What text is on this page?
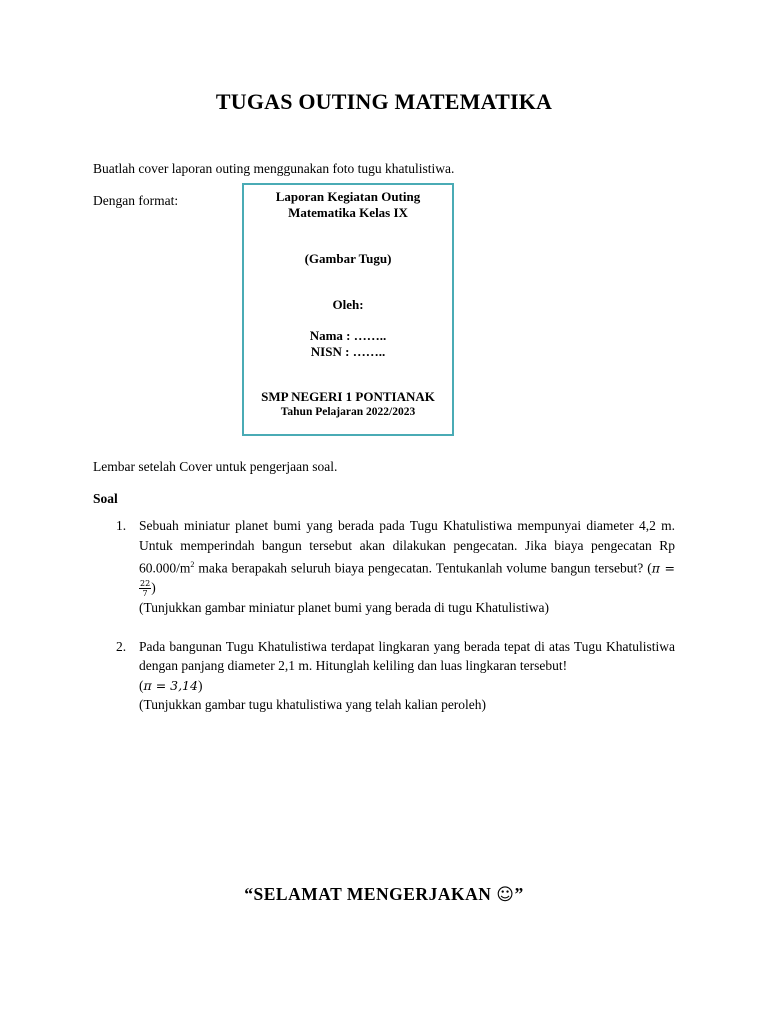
TUGAS OUTING MATEMATIKA
Buatlah cover laporan outing menggunakan foto tugu khatulistiwa.
Dengan format:	Laporan Kegiatan Outing
Matematika Kelas IX
(Gambar Tugu)
Oleh:
Nama : ……..
NISN : ……..
SMP NEGERI 1 PONTIANAK
Tahun Pelajaran 2022/2023
Lembar setelah Cover untuk pengerjaan soal.
Soal
1. Sebuah miniatur planet bumi yang berada pada Tugu Khatulistiwa mempunyai diameter 4,2 m. Untuk memperindah bangun tersebut akan dilakukan pengecatan. Jika biaya pengecatan Rp $60.000/m^2$ maka berapakah seluruh biaya pengecatan. Tentukanlah volume bangun tersebut? (π =
$\frac{22}{7}$ )
(Tunjukkan gambar miniatur planet bumi yang berada di tugu Khatulistiwa)
2. Pada bangunan Tugu Khatulistiwa terdapat lingkaran yang berada tepat di atas Tugu Khatulistiwa dengan panjang diameter 2,1 m. Hitunglah keliling dan luas lingkaran tersebut!
(π = 3,14)
(Tunjukkan gambar tugu khatulistiwa yang telah kalian peroleh)
“SELAMAT MENGERJAKAN ☺”
